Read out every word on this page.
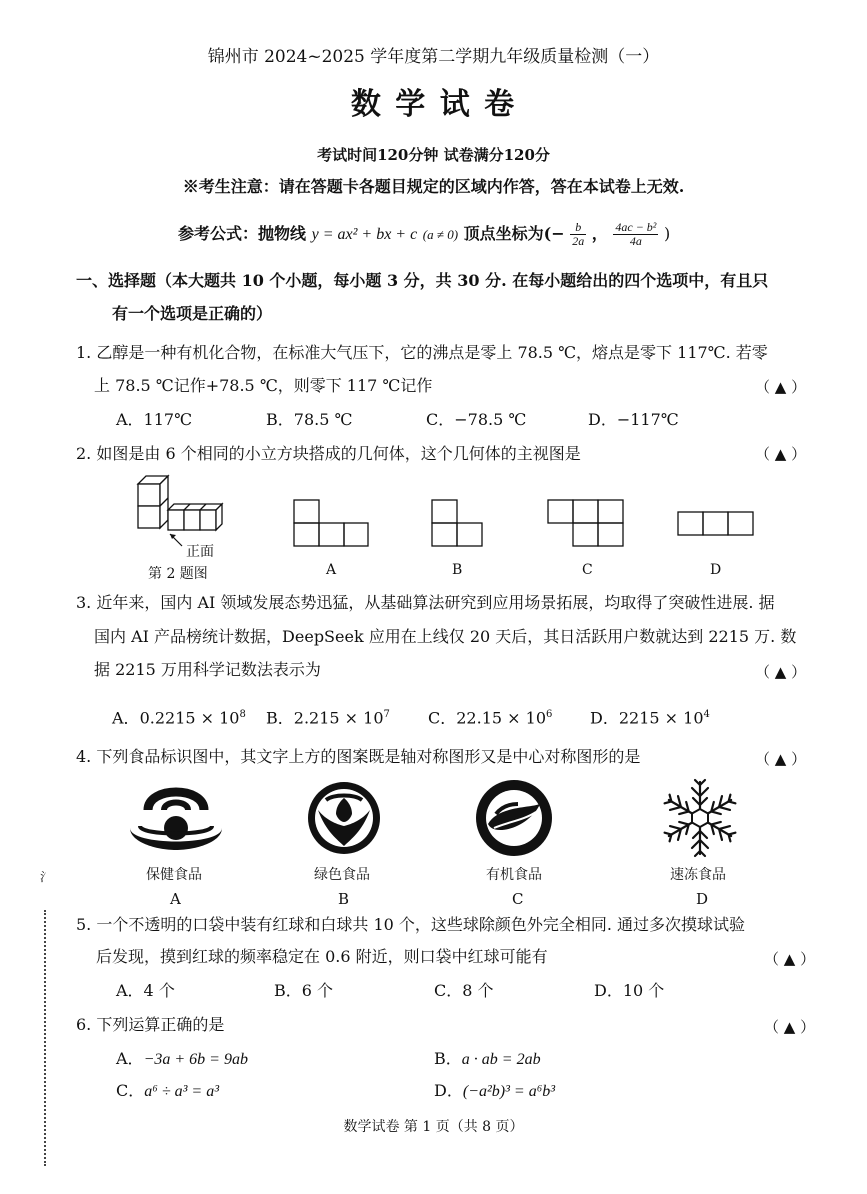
锦州市 2024~2025 学年度第二学期九年级质量检测（一）
数 学 试 卷
考试时间120分钟 试卷满分120分
※考生注意：请在答题卡各题目规定的区域内作答，答在本试卷上无效.
参考公式：抛物线 y = ax² + bx + c (a ≠ 0) 顶点坐标为(− $\frac{b}{2a}$ ， $\frac{\text{4ac − b²}}{4a}$ )
一、选择题（本大题共 10 个小题，每小题 3 分，共 30 分. 在每小题给出的四个选项中，有且只
有一个选项是正确的）
1. 乙醇是一种有机化合物，在标准大气压下，它的沸点是零上 78.5 ℃，熔点是零下 117℃. 若零
上 78.5 ℃记作+78.5 ℃，则零下 117 ℃记作	（ ▲ ）
A．117℃	B．78.5 ℃	C．−78.5 ℃	D．−117℃
2. 如图是由 6 个相同的小立方块搭成的几何体，这个几何体的主视图是	（ ▲ ）
正面
第 2 题图	A	B	C	D
3. 近年来，国内 AI 领域发展态势迅猛，从基础算法研究到应用场景拓展，均取得了突破性进展. 据
国内 AI 产品榜统计数据，DeepSeek 应用在上线仅 20 天后，其日活跃用户数就达到 2215 万. 数
据 2215 万用科学记数法表示为	（ ▲ ）
A．$0.2215 \times 10^8$ B．$2.215 \times 10^7$ C．$22.15 \times 10^6$ D．$2215 \times 10^4$
4. 下列食品标识图中，其文字上方的图案既是轴对称图形又是中心对称图形的是	（ ▲ ）
保健食品
A
绿色食品
B
有机食品
C
速冻食品
D
5. 一个不透明的口袋中装有红球和白球共 10 个，这些球除颜色外完全相同. 通过多次摸球试验
后发现，摸到红球的频率稳定在 0.6 附近，则口袋中红球可能有	（ ▲ ）
A．4 个	B．6 个	C．8 个	D．10 个
6. 下列运算正确的是	（ ▲ ）
A．−3a + 6b = 9ab	B．a · ab = 2ab
C．a⁶ ÷ a³ = a³	D．(−a²b)³ = a⁶b³
数学试卷 第 1 页（共 8 页）
氵
